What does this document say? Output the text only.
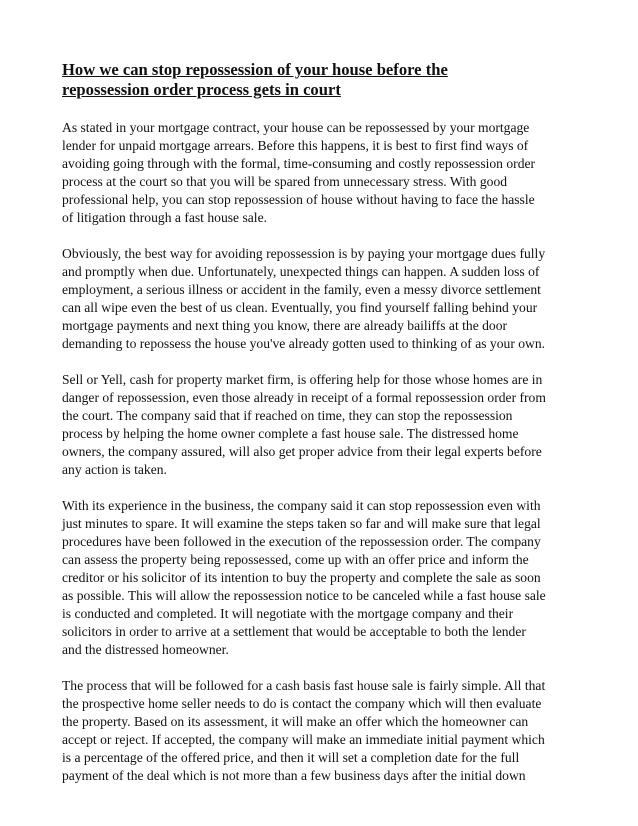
How we can stop repossession of your house before the
repossession order process gets in court

As stated in your mortgage contract, your house can be repossessed by your mortgage
lender for unpaid mortgage arrears. Before this happens, it is best to first find ways of
avoiding going through with the formal, time-consuming and costly repossession order
process at the court so that you will be spared from unnecessary stress. With good
professional help, you can stop repossession of house without having to face the hassle
of litigation through a fast house sale.

Obviously, the best way for avoiding repossession is by paying your mortgage dues fully
and promptly when due. Unfortunately, unexpected things can happen. A sudden loss of
employment, a serious illness or accident in the family, even a messy divorce settlement
can all wipe even the best of us clean. Eventually, you find yourself falling behind your
mortgage payments and next thing you know, there are already bailiffs at the door
demanding to repossess the house you've already gotten used to thinking of as your own.

Sell or Yell, cash for property market firm, is offering help for those whose homes are in
danger of repossession, even those already in receipt of a formal repossession order from
the court. The company said that if reached on time, they can stop the repossession
process by helping the home owner complete a fast house sale. The distressed home
owners, the company assured, will also get proper advice from their legal experts before
any action is taken.

With its experience in the business, the company said it can stop repossession even with
just minutes to spare. It will examine the steps taken so far and will make sure that legal
procedures have been followed in the execution of the repossession order. The company
can assess the property being repossessed, come up with an offer price and inform the
creditor or his solicitor of its intention to buy the property and complete the sale as soon
as possible. This will allow the repossession notice to be canceled while a fast house sale
is conducted and completed. It will negotiate with the mortgage company and their
solicitors in order to arrive at a settlement that would be acceptable to both the lender
and the distressed homeowner.

The process that will be followed for a cash basis fast house sale is fairly simple. All that
the prospective home seller needs to do is contact the company which will then evaluate
the property. Based on its assessment, it will make an offer which the homeowner can
accept or reject. If accepted, the company will make an immediate initial payment which
is a percentage of the offered price, and then it will set a completion date for the full
payment of the deal which is not more than a few business days after the initial down
